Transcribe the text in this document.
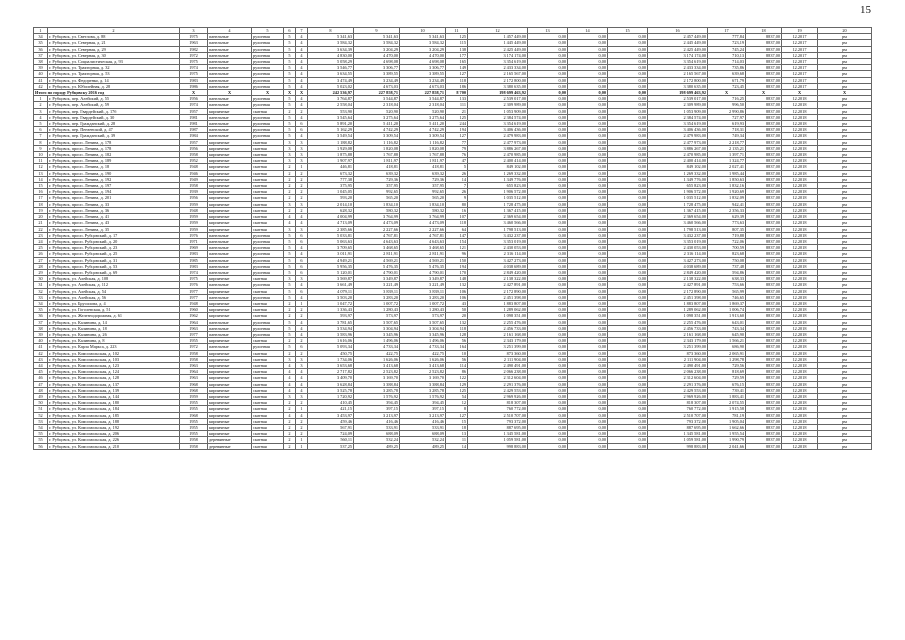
15
1	2	3	4	5	6	7	8	9	10	11	12	13	14	15	16	17	18	19	20
34	г. Рубцовск, ул. Светлова, д. 88	1975	панельные	рулонная	5	4	5 341,63	5 341,63	5 341,63	125	1 457 449,00	0,00	0,00	0,00	2 457 449,00	777,84	8837,00	12.2017	рм
35	г. Рубцовск, ул. Северная, д. 21	1963	панельные	рулонная	5	4	3 584,32	3 584,32	3 584,32	115	1 445 449,00	0,00	0,00	0,00	2 445 449,00	723,19	8837,00	12.2017	рм
36	г. Рубцовск, ул. Северная, д. 29	1982	панельные	рулонная	5	4	3 634,39	3 204,29	3 204,29	138	2 425 449,00	0,00	0,00	0,00	2 425 449,00	745,24	8837,00	12.2017	рм
37	г. Рубцовск, ул. Северная, д. 30	1972	панельные	рулонная	5	4	4 830,00	4 470,00	4 470,00	177	3 174 174,00	0,00	0,00	0,00	3 174 174,00	710,13	8837,00	12.2017	рм
38	г. Рубцовск, ул. Социалистическая, д. 93	1975	панельные	рулонная	5	4	5 058,29	4 698,08	4 698,08	165	3 354 619,00	0,00	0,00	0,00	3 354 619,00	714,03	8837,00	12.2017	рм
39	г. Рубцовск, ул. Тракторная, д. 32	1974	панельные	рулонная	5	4	3 546,77	3 306,77	3 306,77	149	2 433 334,00	0,00	0,00	0,00	2 433 334,00	735,86	8837,00	12.2017	рм
40	г. Рубцовск, ул. Тракторная, д. 53	1975	панельные	рулонная	5	4	3 634,55	3 389,55	3 389,55	127	2 165 567,00	0,00	0,00	0,00	2 165 567,00	639,68	8837,00	12.2017	рм
41	г. Рубцовск, ул. Федоренко, д. 14	1983	панельные	рулонная	5	4	3 474,49	3 234,49	3 234,49	118	2 172 800,00	0,00	0,00	0,00	2 172 800,00	671,79	8837,00	12.2017	рм
42	г. Рубцовск, ул. Юбилейная, д. 28	1986	панельные	рулонная	5	4	5 023,02	4 673,03	4 673,03	186	3 380 635,00	0,00	0,00	0,00	3 380 635,00	723,45	8837,00	12.2017	рм
Итого по городу Рубцовску 2016 год		X	X	X	X	X	242 536,97	227 858,71	227 858,71	8 700	198 699 463,92	0,00	0,00	0,00	198 699 463,92	X	X	X	X
1	г. Рубцовск, пер. Алейский, д. 55	1956	панельные	рулонная	5	4	3 764,87	3 544,87	3 544,87	133	2 539 017,00	0,00	0,00	0,00	2 539 017,00	716,25	8837,00	12.2018	рм
2	г. Рубцовск, пер. Алейский, д. 59	1974	панельные	рулонная	5	4	2 558,04	2 318,04	2 318,04	111	2 309 989,00	0,00	0,00	0,00	2 309 989,00	996,50	8837,00	12.2018	рм
3	г. Рубцовск, пер. Гвардейский, д. 17б	1957	кирпичные	скатная	2	2	553,90	520,90	520,90	21	1 053 909,00	0,00	0,00	0,00	1 053 909,00	2 990,86	8837,00	12.2018	рм
4	г. Рубцовск, пер. Гвардейский, д. 30	1981	панельные	рулонная	5	4	3 545,64	3 275,64	3 275,64	125	2 384 574,00	0,00	0,00	0,00	2 384 574,00	727,97	8837,00	12.2018	рм
5	г. Рубцовск, пер. Гражданский, д. 28	1981	панельные	рулонная	5	6	5 891,20	5 411,20	5 411,20	244	3 354 619,00	0,00	0,00	0,00	3 354 619,00	619,93	8837,00	12.2018	рм
6	г. Рубцовск, пер. Пензенский, д. 47	1987	панельные	рулонная	5	6	5 162,29	4 742,29	4 742,29	194	3 406 436,00	0,00	0,00	0,00	3 406 436,00	718,31	8837,00	12.2018	рм
7	г. Рубцовск, пер. Гражданский, д. 39	1984	панельные	рулонная	5	4	3 549,54	3 309,54	3 309,54	127	2 479 983,00	0,00	0,00	0,00	2 479 983,00	749,34	8837,00	12.2018	рм
8	г. Рубцовск, просп. Ленина, д. 178	1957	кирпичные	скатная	3	3	1 188,82	1 116,82	1 116,82	77	2 477 973,00	0,00	0,00	0,00	2 477 973,00	2 218,77	8837,00	12.2018	рм
9	г. Рубцовск, просп. Ленина, д. 178	1956	кирпичные	скатная	3	3	1 929,08	1 820,08	1 820,08	79	3 886 267,00	0,00	0,00	0,00	3 886 267,00	2 135,21	8837,00	12.2018	рм
10	г. Рубцовск, просп. Ленина, д. 182	1958	кирпичные	скатная	3	3	1 875,88	1 767,88	1 767,88	76	2 470 985,00	0,00	0,00	0,00	2 470 985,00	1 397,71	8837,00	12.2018	рм
11	г. Рубцовск, просп. Ленина, д. 189	1952	кирпичные	скатная	3	3	1 907,97	1 811,97	1 811,97	47	2 400 414,00	0,00	0,00	0,00	2 400 414,00	1 324,77	8837,00	12.2018	рм
12	г. Рубцовск, просп. Ленина, д. 18	1948	кирпичные	скатная	2	1	446,81	418,81	418,81	5	849 102,00	0,00	0,00	0,00	849 102,00	2 027,41	8837,00	12.2018	рм
13	г. Рубцовск, просп. Ленина, д. 190	1946	кирпичные	скатная	2	2	673,32	639,32	639,32	26	1 269 332,00	0,00	0,00	0,00	1 269 332,00	1 985,44	8837,00	12.2018	рм
14	г. Рубцовск, просп. Ленина, д. 192	1949	кирпичные	скатная	2	2	777,38	729,36	729,36	14	1 349 776,00	0,00	0,00	0,00	1 349 776,00	1 850,63	8837,00	12.2018	рм
15	г. Рубцовск, просп. Ленина, д. 197	1958	кирпичные	скатная	2	2	375,95	357,95	357,95	7	655 823,00	0,00	0,00	0,00	655 823,00	1 832,16	8837,00	12.2018	рм
16	г. Рубцовск, просп. Ленина, д. 194	1939	кирпичные	скатная	2	2	1 045,05	992,65	992,65	26	1 906 572,00	0,00	0,00	0,00	1 906 572,00	1 920,69	8837,00	12.2018	рм
17	г. Рубцовск, просп. Ленина, д. 201	1956	кирпичные	скатная	2	2	593,20	565,20	565,20	9	1 035 512,00	0,00	0,00	0,00	1 035 512,00	1 832,09	8837,00	12.2018	рм
18	г. Рубцовск, просп. Ленина, д. 33	1959	кирпичные	скатная	3	3	2 014,10	1 834,10	1 834,10	80	1 728 475,00	0,00	0,00	0,00	1 728 475,00	942,41	8837,00	12.2018	рм
19	г. Рубцовск, просп. Ленина, д. 36	1948	кирпичные	скатная	2	2	628,32	580,32	580,32	16	1 367 415,00	0,00	0,00	0,00	1 367 415,00	2 356,33	8837,00	12.2018	рм
20	г. Рубцовск, просп. Ленина, д. 41	1959	кирпичные	скатная	4	4	4 004,99	3 764,99	3 764,99	107	2 369 654,00	0,00	0,00	0,00	2 369 654,00	629,39	8837,00	12.2018	рм
21	г. Рубцовск, просп. Ленина, д. 43	1959	кирпичные	скатная	4	4	4 713,09	4 473,09	4 473,09	118	3 460 566,00	0,00	0,00	0,00	3 460 566,00	773,63	8837,00	12.2018	рм
22	г. Рубцовск, просп. Ленина, д. 35	1959	кирпичные	скатная	3	3	2 385,66	2 227,66	2 227,66	64	1 798 513,00	0,00	0,00	0,00	1 798 513,00	807,35	8837,00	12.2018	рм
23	г. Рубцовск, просп. Рубцовский, д. 17	1976	панельные	рулонная	5	6	5 033,81	4 767,81	4 767,81	147	3 432 237,00	0,00	0,00	0,00	3 432 237,00	719,88	8837,00	12.2018	рм
24	г. Рубцовск, просп. Рубцовский, д. 20	1971	панельные	рулонная	5	6	5 063,63	4 643,63	4 643,63	154	3 353 019,00	0,00	0,00	0,00	3 353 019,00	722,06	8837,00	12.2018	рм
25	г. Рубцовск, просп. Рубцовский, д. 23	1969	панельные	рулонная	5	4	3 709,65	3 468,65	3 468,65	121	2 430 053,00	0,00	0,00	0,00	2 430 053,00	700,59	8837,00	12.2018	рм
26	г. Рубцовск, просп. Рубцовский, д. 25	1983	панельные	рулонная	5	4	3 011,91	2 811,91	2 811,91	96	2 316 114,00	0,00	0,00	0,00	2 316 114,00	823,68	8837,00	12.2018	рм
27	г. Рубцовск, просп. Рубцовский, д. 31	1985	панельные	рулонная	5	6	4 949,21	4 569,21	4 569,21	150	3 427 273,00	0,00	0,00	0,00	3 427 273,00	750,08	8837,00	12.2018	рм
28	г. Рубцовск, просп. Рубцовский, д. 53	1983	панельные	рулонная	5	6	5 956,35	5 476,35	5 476,35	194	4 038 689,00	0,00	0,00	0,00	4 038 689,00	737,48	8837,00	12.2018	рм
29	г. Рубцовск, просп. Рубцовский, д. 69	1974	панельные	рулонная	5	6	5 120,01	4 790,01	4 790,01	170	2 849 420,00	0,00	0,00	0,00	2 849 420,00	594,86	8837,00	12.2018	рм
30	г. Рубцовск, ул. Алейская, д. 108	1975	кирпичные	скатная	3	3	3 569,87	3 349,87	3 349,87	148	2 138 322,00	0,00	0,00	0,00	2 138 322,00	638,33	8837,00	12.2018	рм
31	г. Рубцовск, ул. Алейская, д. 112	1976	панельные	рулонная	5	4	3 661,49	3 221,49	3 221,49	132	2 427 891,00	0,00	0,00	0,00	2 427 891,00	753,66	8837,00	12.2018	рм
32	г. Рубцовск, ул. Алейская, д. 54	1977	кирпичные	скатная	5	6	4 079,11	3 839,11	3 839,11	106	2 172 890,00	0,00	0,00	0,00	2 172 890,00	565,99	8837,00	12.2018	рм
33	г. Рубцовск, ул. Алейская, д. 56	1977	панельные	рулонная	5	4	3 503,20	3 283,20	3 283,20	106	2 451 398,00	0,00	0,00	0,00	2 451 398,00	746,65	8837,00	12.2018	рм
34	г. Рубцовск, ул. Брусилова, д. 4	1948	кирпичные	скатная	2	1	1 047,72	1 007,72	1 007,72	43	1 883 807,00	0,00	0,00	0,00	1 883 807,00	1 869,37	8837,00	12.2018	рм
35	г. Рубцовск, ул. Гоголевская, д. 51	1960	кирпичные	скатная	2	2	1 336,43	1 280,43	1 280,43	50	1 289 062,00	0,00	0,00	0,00	1 289 062,00	1 006,74	8837,00	12.2018	рм
36	г. Рубцовск, ул. Железнодорожная, д. 61	1962	кирпичные	скатная	2	2	593,97	573,97	573,97	20	1 098 351,00	0,00	0,00	0,00	1 098 351,00	1 913,60	8837,00	12.2018	рм
37	г. Рубцовск, ул. Калинина, д. 14	1964	панельные	рулонная	5	4	3 781,65	3 507,65	3 507,65	132	2 255 476,00	0,00	0,00	0,00	2 255 476,00	643,01	8837,00	12.2018	рм
38	г. Рубцовск, ул. Калинина, д. 18	1963	панельные	рулонная	5	4	3 534,94	3 304,94	3 304,94	118	2 456 733,00	0,00	0,00	0,00	2 456 733,00	743,34	8837,00	12.2018	рм
39	г. Рубцовск, ул. Калинина, д. 26	1977	панельные	рулонная	5	4	3 583,96	3 345,96	3 345,96	128	2 161 168,00	0,00	0,00	0,00	2 161 168,00	645,90	8837,00	12.2018	рм
40	г. Рубцовск, ул. Калинина, д. 8	1955	кирпичные	скатная	2	2	1 616,06	1 496,06	1 496,06	56	2 343 179,00	0,00	0,00	0,00	2 343 179,00	1 566,21	8837,00	12.2018	рм
41	г. Рубцовск, ул. Карла Маркса, д. 223	1972	панельные	рулонная	5	6	5 093,34	4 733,34	4 733,34	164	3 251 399,00	0,00	0,00	0,00	3 251 399,00	686,90	8837,00	12.2018	рм
42	г. Рубцовск, ул. Комсомольская, д. 102	1958	кирпичные	скатная	2	2	450,75	422,75	422,75	10	873 360,00	0,00	0,00	0,00	873 360,00	2 065,91	8837,00	12.2018	рм
43	г. Рубцовск, ул. Комсомольская, д. 103	1958	кирпичные	скатная	3	3	1 734,06	1 626,06	1 626,06	56	2 111 904,00	0,00	0,00	0,00	2 111 904,00	1 298,78	8837,00	12.2018	рм
44	г. Рубцовск, ул. Комсомольская, д. 123	1963	кирпичные	скатная	4	3	3 653,68	3 413,68	3 413,68	114	2 490 491,00	0,00	0,00	0,00	2 490 491,00	729,56	8837,00	12.2018	рм
45	г. Рубцовск, ул. Комсомольская, д. 124	1964	кирпичные	скатная	4	4	2 717,82	2 523,82	2 523,82	86	2 066 238,00	0,00	0,00	0,00	2 066 238,00	818,69	8837,00	12.2018	рм
46	г. Рубцовск, ул. Комсомольская, д. 128	1963	кирпичные	скатная	4	4	3 409,70	3 169,70	3 169,70	122	2 312 604,00	0,00	0,00	0,00	2 312 604,00	729,59	8837,00	12.2018	рм
47	г. Рубцовск, ул. Комсомольская, д. 137	1968	кирпичные	скатная	4	4	3 628,84	3 388,84	3 388,84	129	2 291 376,00	0,00	0,00	0,00	2 291 376,00	676,15	8837,00	12.2018	рм
48	г. Рубцовск, ул. Комсомольская, д. 139	1968	кирпичные	скатная	4	4	3 525,78	3 285,78	3 285,78	125	2 429 553,00	0,00	0,00	0,00	2 429 553,00	739,41	8837,00	12.2018	рм
49	г. Рубцовск, ул. Комсомольская, д. 144	1959	кирпичные	скатная	3	3	1 720,92	1 576,92	1 576,92	54	2 969 926,00	0,00	0,00	0,00	2 969 926,00	1 883,41	8837,00	12.2018	рм
50	г. Рубцовск, ул. Комсомольская, д. 180	1955	кирпичные	скатная	2	2	410,45	394,45	394,45	12	818 307,00	0,00	0,00	0,00	818 307,00	2 074,55	8837,00	12.2018	рм
51	г. Рубцовск, ул. Комсомольская, д. 184	1955	кирпичные	скатная	2	1	421,15	397,15	397,15	8	760 772,00	0,00	0,00	0,00	760 772,00	1 915,58	8837,00	12.2018	рм
52	г. Рубцовск, ул. Комсомольская, д. 185	1968	кирпичные	скатная	4	4	3 453,97	3 213,97	3 213,97	127	2 510 707,00	0,00	0,00	0,00	2 510 707,00	781,19	8837,00	12.2018	рм
53	г. Рубцовск, ул. Комсомольская, д. 188	1955	кирпичные	скатная	2	2	459,46	416,46	416,46	15	793 372,00	0,00	0,00	0,00	793 372,00	1 905,04	8837,00	12.2018	рм
54	г. Рубцовск, ул. Комсомольская, д. 192	1955	кирпичные	скатная	2	2	567,91	533,91	533,91	18	887 695,00	0,00	0,00	0,00	887 695,00	1 662,66	8837,00	12.2018	рм
55	г. Рубцовск, ул. Комсомольская, д. 206	1955	кирпичные	скатная	2	2	724,09	688,09	688,09	13	1 345 581,00	0,00	0,00	0,00	1 345 581,00	1 955,54	8837,00	12.2018	рм
55	г. Рубцовск, ул. Комсомольская, д. 226	1958	деревянные	скатная	2	1	560,11	532,24	532,24	11	1 059 581,00	0,00	0,00	0,00	1 059 581,00	1 990,79	8837,00	12.2018	рм
56	г. Рубцовск, ул. Комсомольская, д. 210	1958	деревянные	скатная	2	1	537,25	489,25	489,25	14	998 883,00	0,00	0,00	0,00	998 883,00	2 041,66	8837,00	12.2018	рм
